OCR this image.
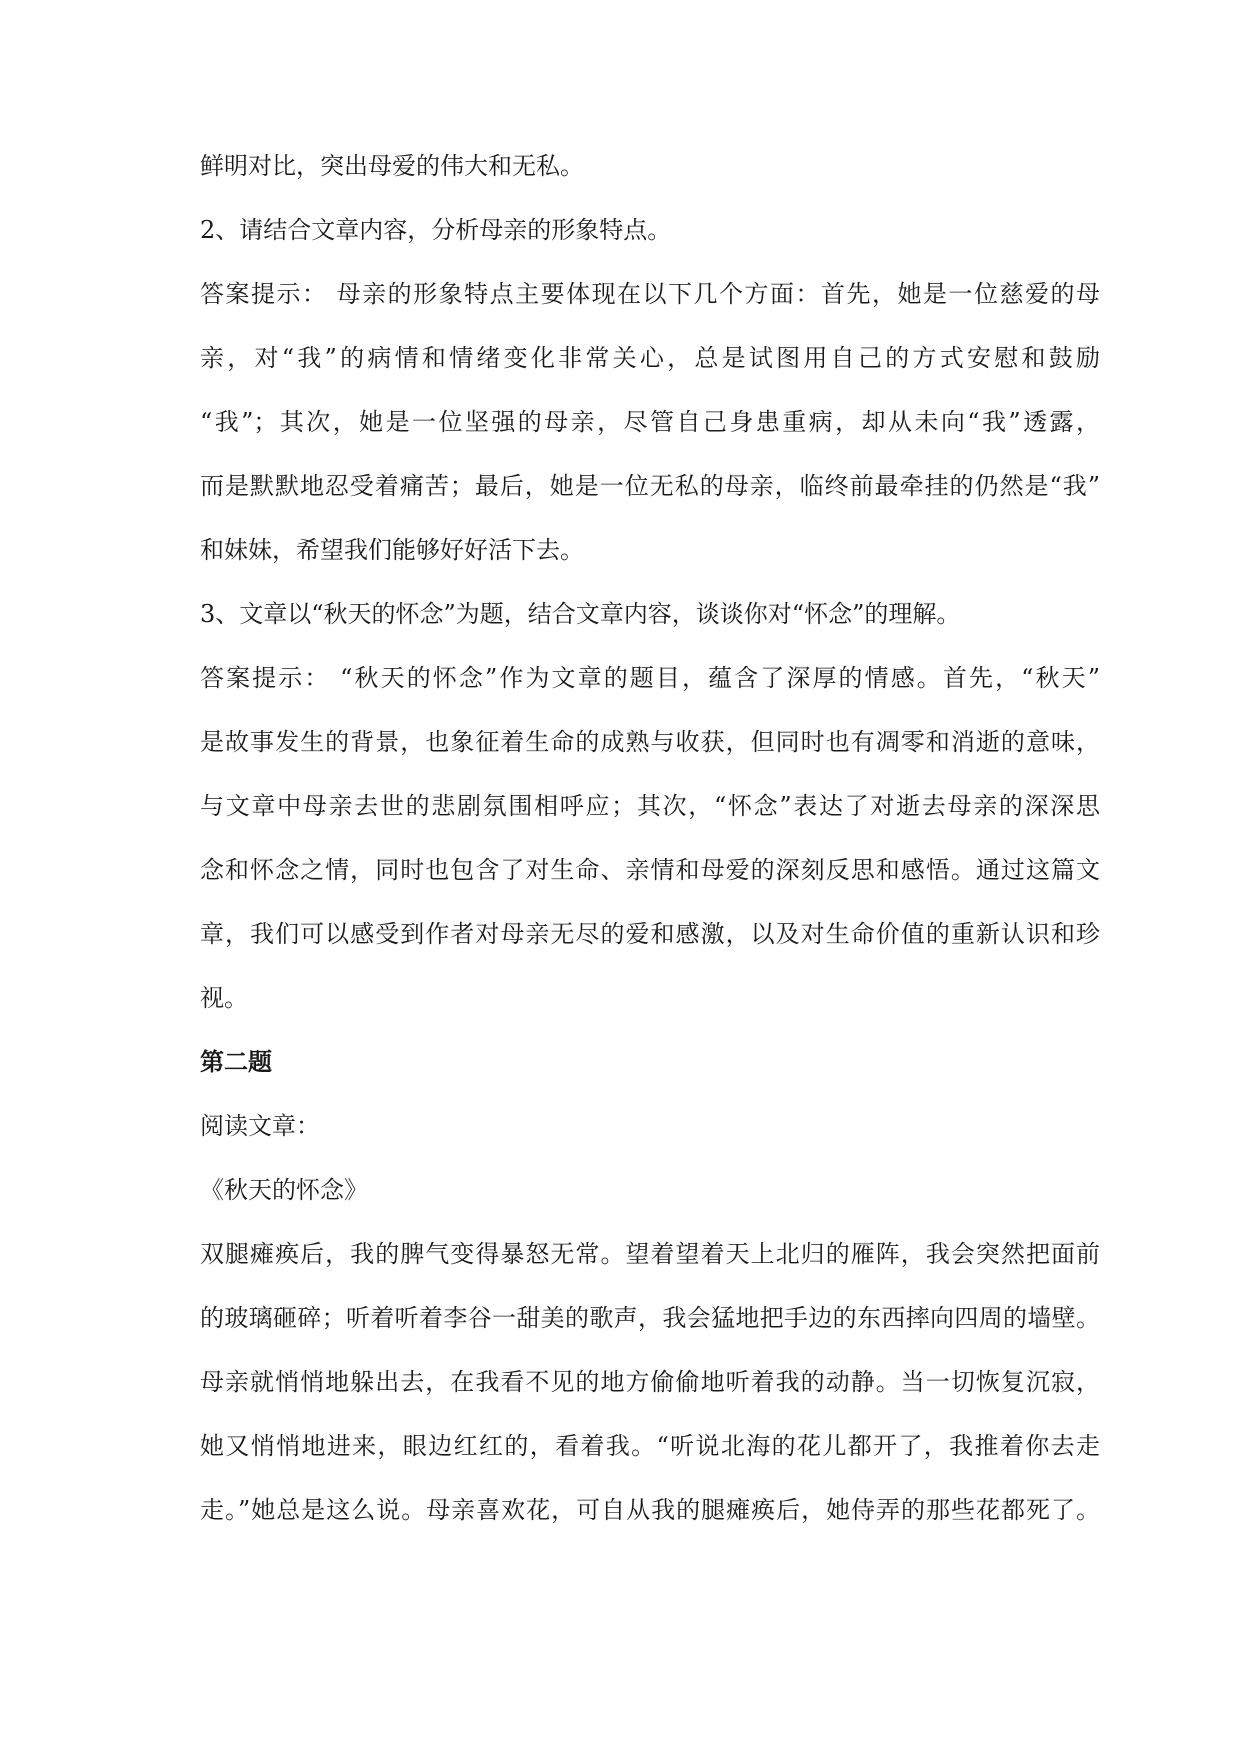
鲜明对比，突出母爱的伟大和无私。
2、请结合文章内容，分析母亲的形象特点。
答案提示： 母亲的形象特点主要体现在以下几个方面：首先，她是一位慈爱的母
亲，对“我”的病情和情绪变化非常关心，总是试图用自己的方式安慰和鼓励
“我”；其次，她是一位坚强的母亲，尽管自己身患重病，却从未向“我”透露，
而是默默地忍受着痛苦；最后，她是一位无私的母亲，临终前最牵挂的仍然是“我”
和妹妹，希望我们能够好好活下去。
3、文章以“秋天的怀念”为题，结合文章内容，谈谈你对“怀念”的理解。
答案提示： “秋天的怀念”作为文章的题目，蕴含了深厚的情感。首先，“秋天”
是故事发生的背景，也象征着生命的成熟与收获，但同时也有凋零和消逝的意味，
与文章中母亲去世的悲剧氛围相呼应；其次，“怀念”表达了对逝去母亲的深深思
念和怀念之情，同时也包含了对生命、亲情和母爱的深刻反思和感悟。通过这篇文
章，我们可以感受到作者对母亲无尽的爱和感激，以及对生命价值的重新认识和珍
视。
第二题
阅读文章：
《秋天的怀念》
双腿瘫痪后，我的脾气变得暴怒无常。望着望着天上北归的雁阵，我会突然把面前
的玻璃砸碎；听着听着李谷一甜美的歌声，我会猛地把手边的东西摔向四周的墙壁。
母亲就悄悄地躲出去，在我看不见的地方偷偷地听着我的动静。当一切恢复沉寂，
她又悄悄地进来，眼边红红的，看着我。“听说北海的花儿都开了，我推着你去走
走。”她总是这么说。母亲喜欢花，可自从我的腿瘫痪后，她侍弄的那些花都死了。
